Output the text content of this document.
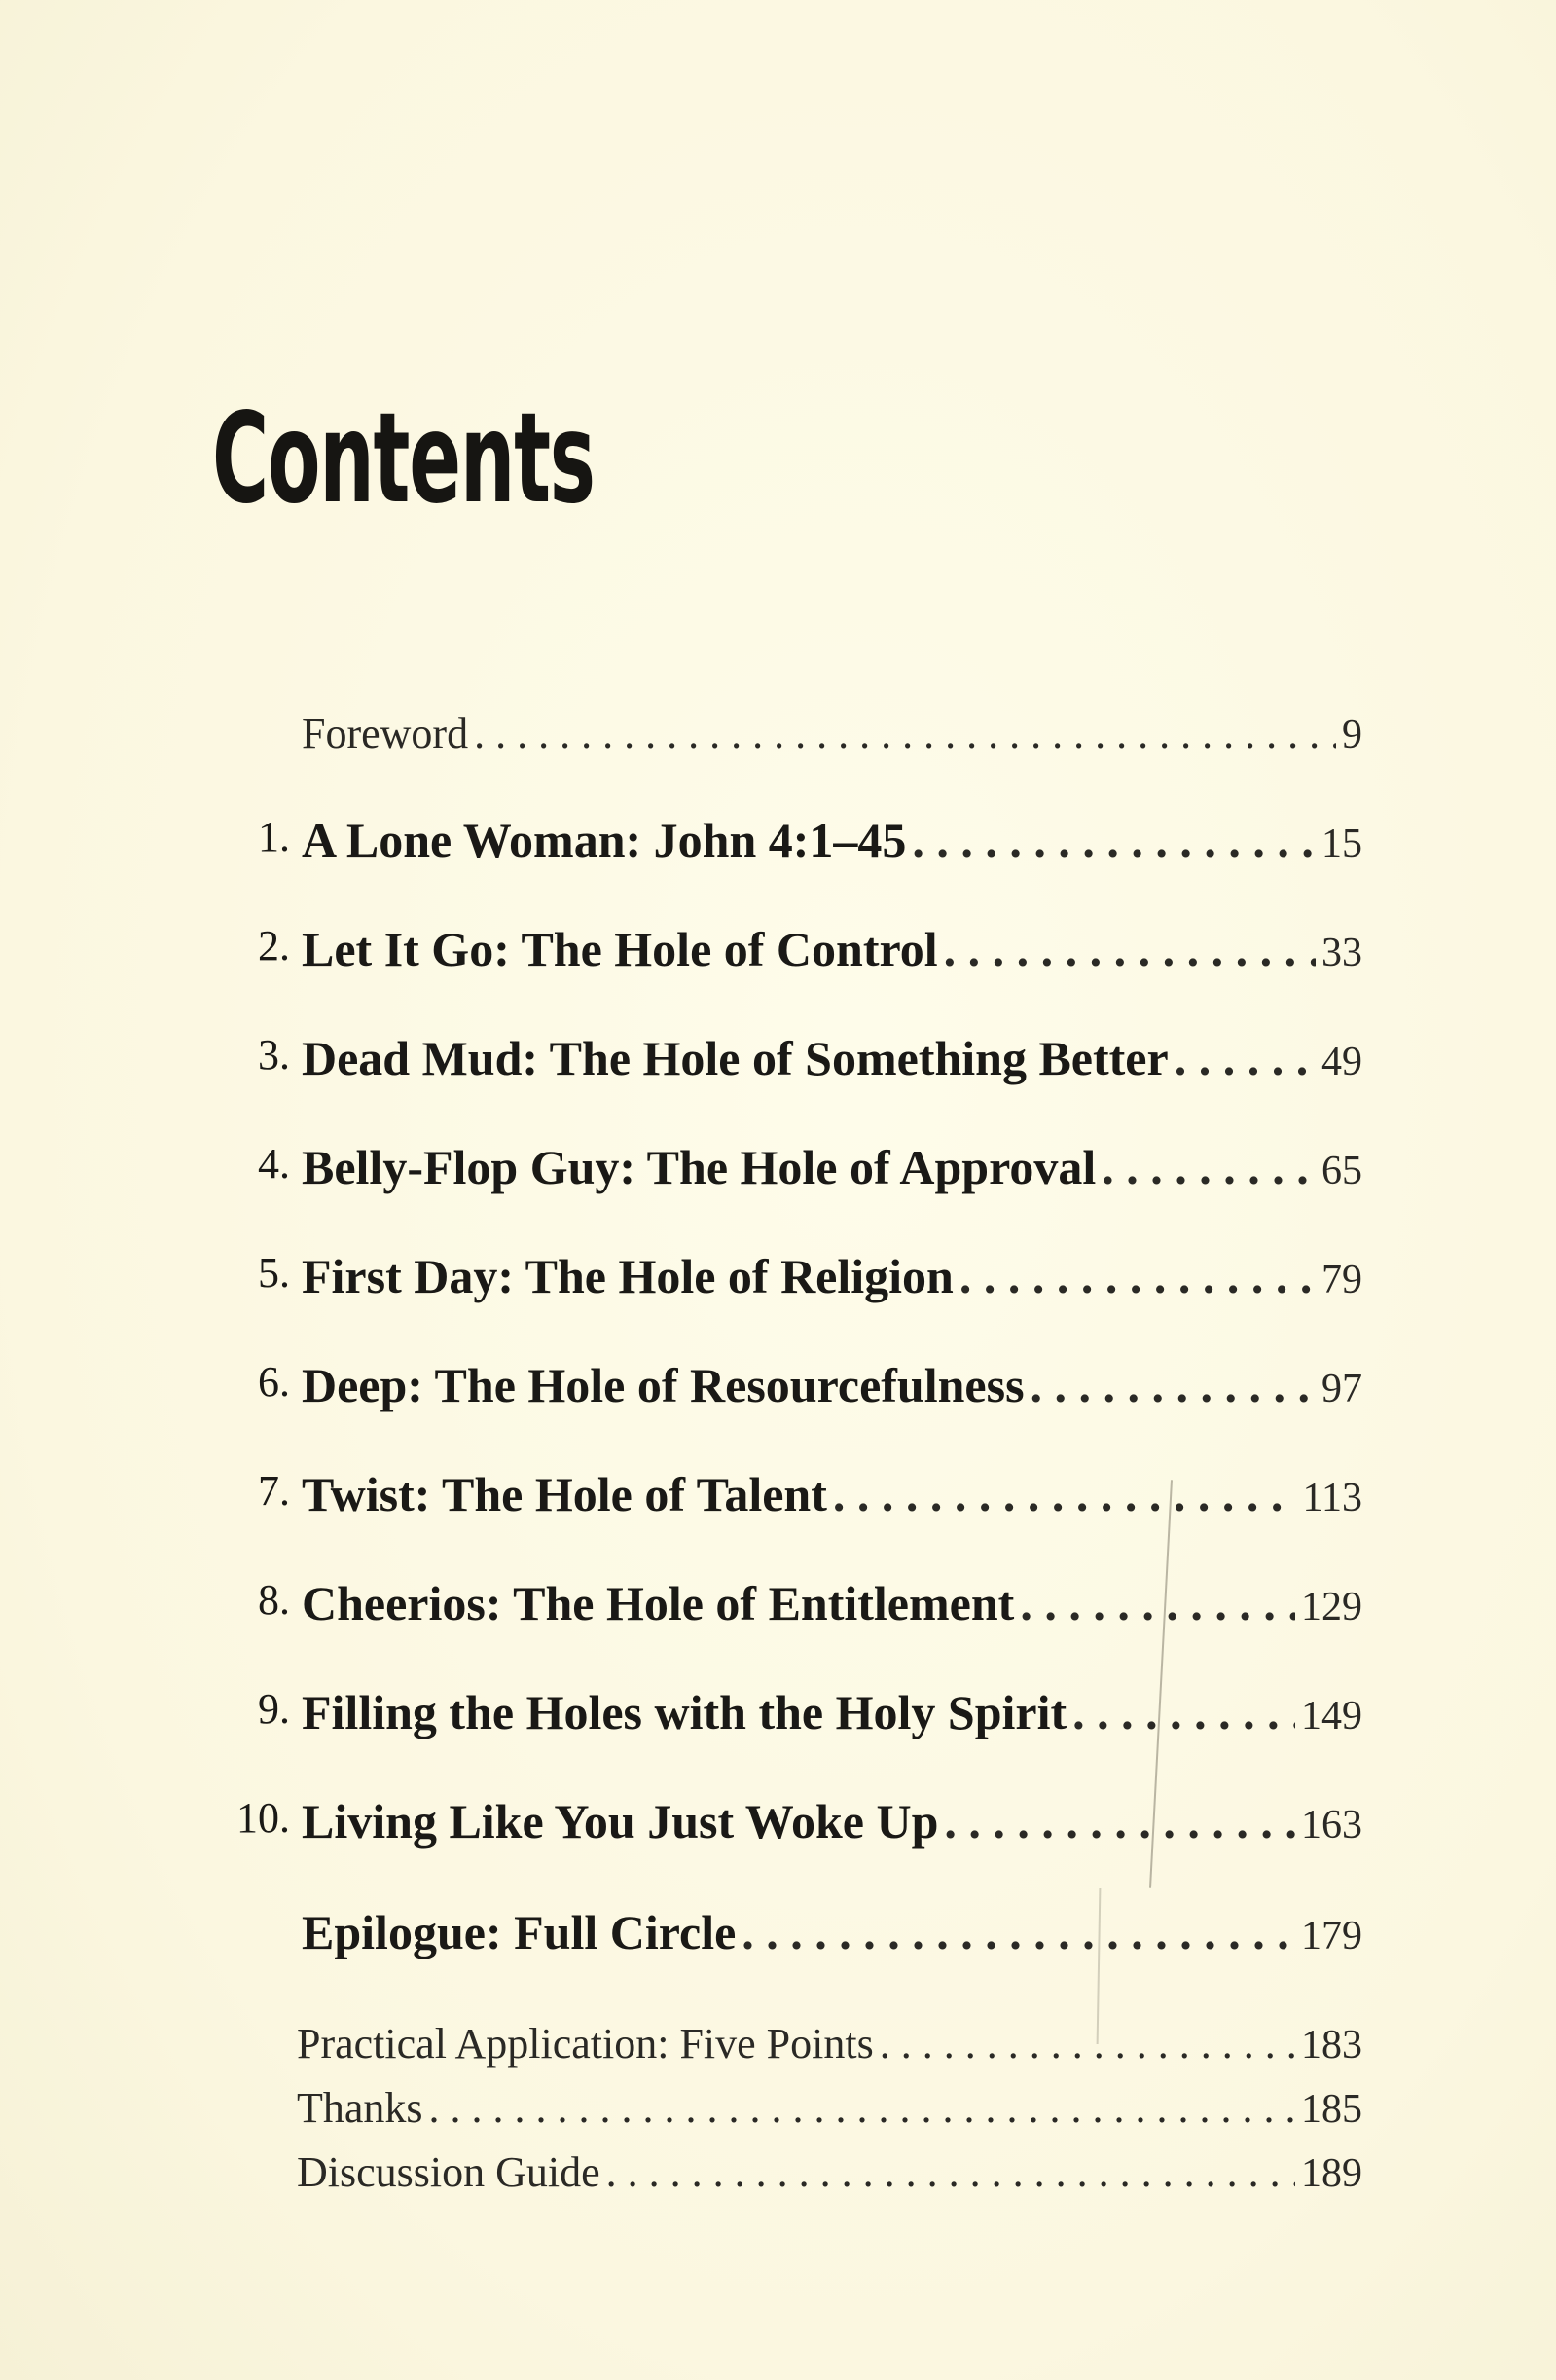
Contents
Foreword . . .	9
1. A Lone Woman: John 4:1–45 . . .	15
2. Let It Go: The Hole of Control . . .	33
3. Dead Mud: The Hole of Something Better . . .	49
4. Belly-Flop Guy: The Hole of Approval . . .	65
5. First Day: The Hole of Religion . . .	79
6. Deep: The Hole of Resourcefulness . . .	97
7. Twist: The Hole of Talent . . .	113
8. Cheerios: The Hole of Entitlement . . .	129
9. Filling the Holes with the Holy Spirit . . .	149
10. Living Like You Just Woke Up . . .	163
Epilogue: Full Circle . . .	179
Practical Application: Five Points . . .	183
Thanks . . .	185
Discussion Guide . . .	189
